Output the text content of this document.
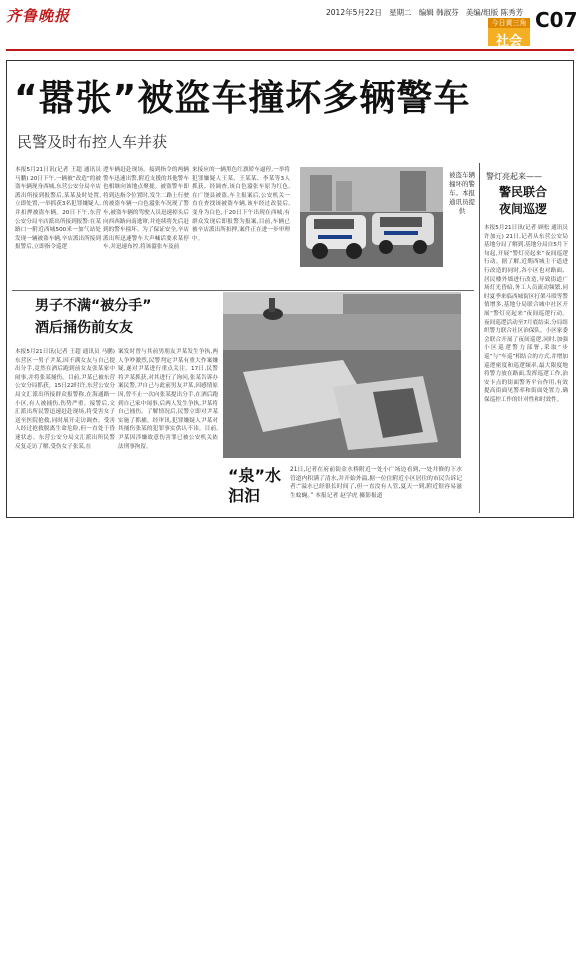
齐鲁晚报	2012年5月22日 星期二 编辑 韩淑芬 美编/组版 陈秀芳
今日黄三角
社会
C07
“嚣张”被盗车撞坏多辆警车
民警及时布控人车并获
本报5月21日讯(记者 王超 通讯员 马鹏) 20日下午,一辆被“改造”的被盗车辆现身西城,东营公安分局辛店派出所接到报警后,某某及时处置,立即处置,一举抓获3名犯罪嫌疑人,并扣押被盗车辆。20日下午,东营公安分局辛店派出所接到报警:在某路口一附近西城500米一加气站处发现一辆被盗车辆,辛店派出所接到报警后,立即指令巡逻
逻车辆赶赴现场。接到指令的两辆警车迅速出警,附近支援的其他警车也相继向该地点聚拢。被盗警车即将到达指令位置时,发生二路上行驶的被盗车辆一白色嚣张车况现了警车,被盗车辆的驾驶人员迅速掉头后向西西路向南逃窜,并连续将先后赶到的警车撞坏。为了保证安全,辛店派出所迅速警车大声喊话要求某停车,并迅速布控,将该嚣张车及前
来接应的一辆黑色红旗轿车逼停,一举将犯罪嫌疑人王某、王某某、李某等3人抓获。经调查,该白色嚣张车原为红色,在广饶县被盗,车主报案后,公安机关一直在查找该被盗车辆,该车经过改装后,变身为白色,于20日下午出现在西城,有群众发现后即报警为报案,目前,车辆已被辛店派出所扣押,案件正在进一步审理中。
被盗车辆撞坏的警车。本报通讯员提供
男子不满“被分手”
酒后捅伤前女友
本报5月21日讯(记者 王超 通讯员 马鹏) 东营区一男子尹某,因不满女友与自己提出分手,竟然在酒后跑到前女友张某家中闹事,并将张某捅伤。目前,尹某已被东营公安分局抓获。15日22时许,东营公安分局文汇派出所接群众报警称,在海通路一小区,有人被捅伤,伤势严重。接警后,文汇派出所民警迅速赶赴现场,将受害女子送至医院抢救,同时展开走访调查。受害人经过抢救脱离生命危险,但一直处于昏迷状态。东营公安分局文汇派出所民警反复走访了解,受伤女子张某,在
案发时曾与其前男朋友尹某发生争执,两人争吵激烈,民警判定尹某有重大作案嫌疑,遂对尹某进行重点关注。17日,民警将尹某抓获,对其进行了询问,张某告诉办案民警,尹自己与此前男友尹某,因感情原因,曾不止一次向张某提出分手,在酒后跑到自己家中闹事,后两人发生争执,尹某将自己捅伤。了解情况后,民警立即对尹某实施了抓捕。经审讯,犯罪嫌疑人尹某对其捅伤张某的犯罪事实供认不讳。目前,尹某因涉嫌故意伤害罪已被公安机关依法刑事拘留。
“泉”水汩汩
21日,记者在府前街金水桥附近一处小广场边看到,一处井修的下水管道内积满了清水,并开始外溢,据一位住附近小区居住的市民告诉记者:“溢水已经很长时间了,但一直没有人管,夏天一到,附近很容易滋生蚊蝇。” 本报记者 赵学虎 摄影报道
警灯亮起来——
警民联合
夜间巡逻
本报5月21日讯(记者 顾松 通讯员 许加元) 21日,记者从东营公安局基地分局了解到,基地分局自5月下旬起,开展“警灯亮起来”夜间巡逻行动。据了解,近期西城主干道进行改造的同时,各小区也对路面、居民楼外墙进行改造,导致街道广场灯光昏暗,务工人员流动频繁,同时夏季来临西城街区打架斗殴等警情增多,基地分局联合城中社区开展“警灯亮起来”夜间巡逻行动。夜间巡逻活动至7月底结束,分局组织警力联合社区治保队、小区家委会联合开展了夜间巡逻,同时,加强小区巡逻警力部署,采取“步巡”与“车巡”相结合的方式,并增加巡逻密度和巡逻频率,最大限度地将警力放在路面,发挥巡逻工作,治安卡点的街面警务平台作用,有效提高街面见警率和街面处置力,确保巡控工作的针对性和时效性。
